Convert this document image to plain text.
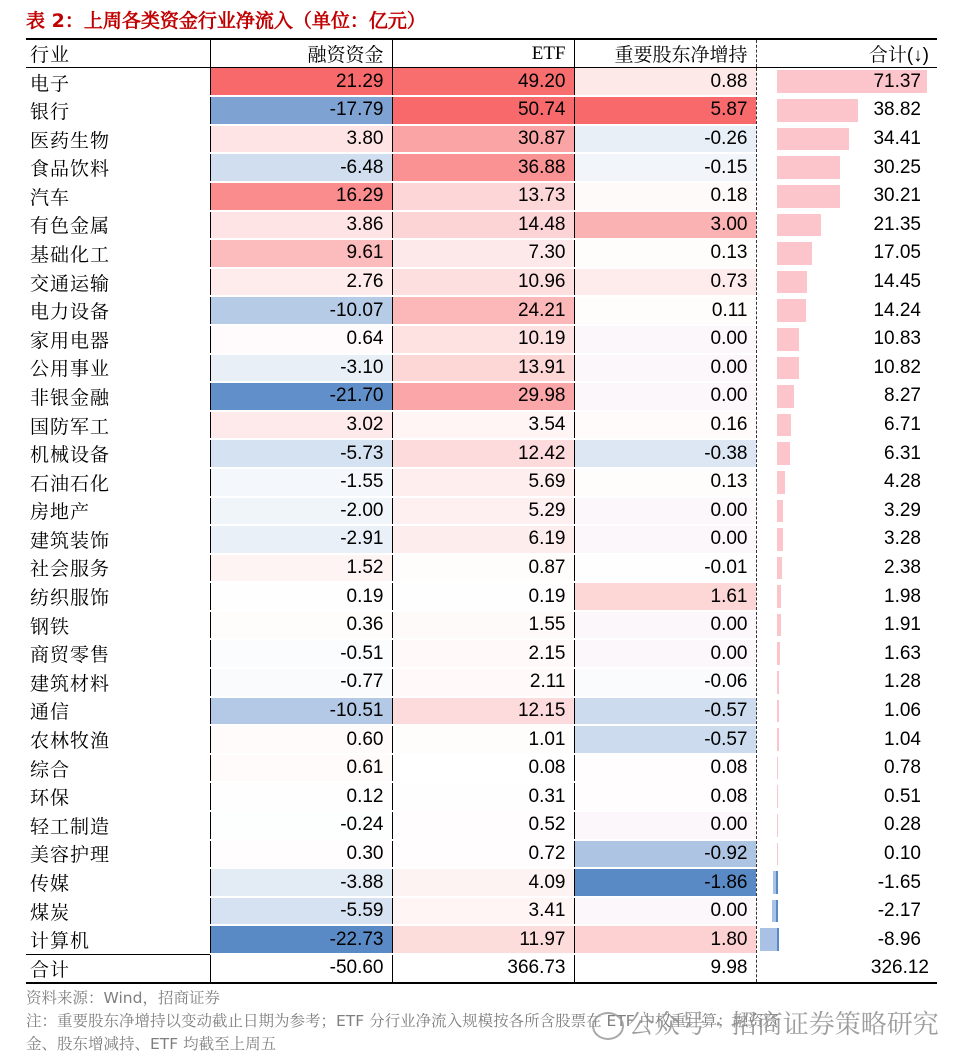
表 2：上周各类资金行业净流入（单位：亿元）
行业	融资资金	ETF	重要股东净增持	合计(↓)
电子	21.29	49.20	0.88	71.37

银行	-17.79	50.74	5.87	38.82

医药生物	3.80	30.87	-0.26	34.41

食品饮料	-6.48	36.88	-0.15	30.25

汽车	16.29	13.73	0.18	30.21

有色金属	3.86	14.48	3.00	21.35

基础化工	9.61	7.30	0.13	17.05

交通运输	2.76	10.96	0.73	14.45

电力设备	-10.07	24.21	0.11	14.24

家用电器	0.64	10.19	0.00	10.83

公用事业	-3.10	13.91	0.00	10.82

非银金融	-21.70	29.98	0.00	8.27

国防军工	3.02	3.54	0.16	6.71

机械设备	-5.73	12.42	-0.38	6.31

石油石化	-1.55	5.69	0.13	4.28

房地产	-2.00	5.29	0.00	3.29

建筑装饰	-2.91	6.19	0.00	3.28

社会服务	1.52	0.87	-0.01	2.38

纺织服饰	0.19	0.19	1.61	1.98

钢铁	0.36	1.55	0.00	1.91

商贸零售	-0.51	2.15	0.00	1.63

建筑材料	-0.77	2.11	-0.06	1.28

通信	-10.51	12.15	-0.57	1.06

农林牧渔	0.60	1.01	-0.57	1.04

综合	0.61	0.08	0.08	0.78

环保	0.12	0.31	0.08	0.51

轻工制造	-0.24	0.52	0.00	0.28

美容护理	0.30	0.72	-0.92	0.10

传媒	-3.88	4.09	-1.86	-1.65

煤炭	-5.59	3.41	0.00	-2.17

计算机	-22.73	11.97	1.80	-8.96

合计	-50.60	366.73	9.98	326.12
资料来源：Wind，招商证券
注：重要股东净增持以变动截止日期为参考；ETF 分行业净流入规模按各所含股票在 ETF 中权重计算；融资资
金、股东增减持、ETF 均截至上周五
公众号 · 招商证券策略研究
